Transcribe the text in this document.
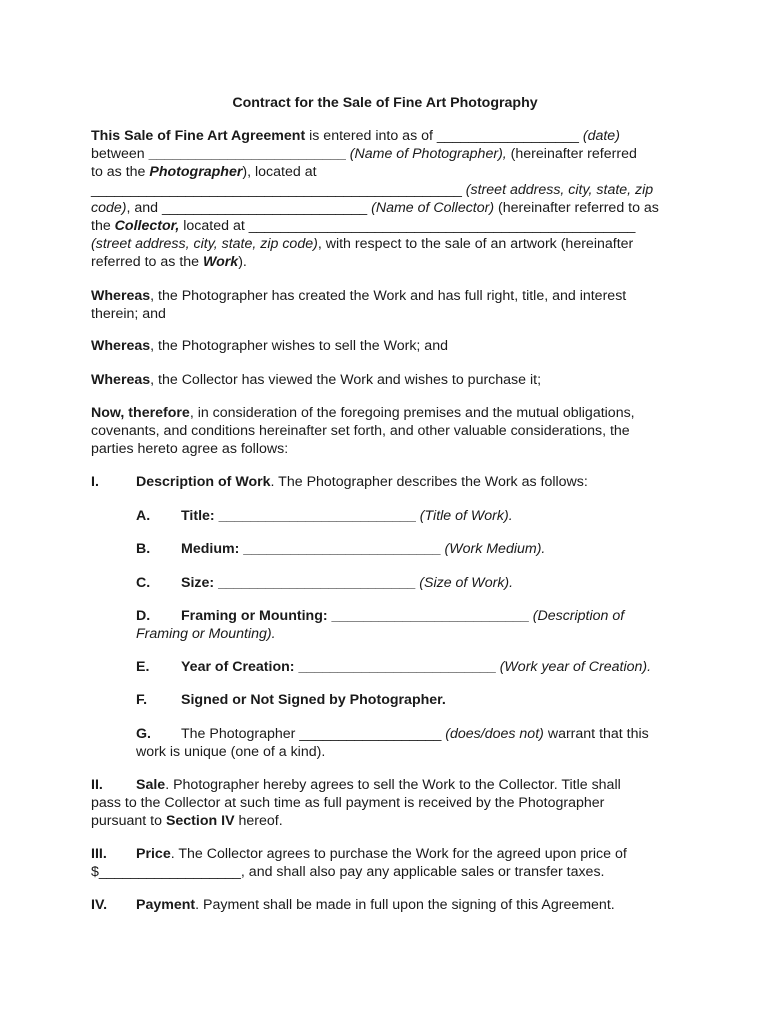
Contract for the Sale of Fine Art Photography
This Sale of Fine Art Agreement is entered into as of __________________ (date)
between _________________________ (Name of Photographer), (hereinafter referred
to as the Photographer), located at
_______________________________________________ (street address, city, state, zip
code), and __________________________ (Name of Collector) (hereinafter referred to as
the Collector, located at _________________________________________________
(street address, city, state, zip code), with respect to the sale of an artwork (hereinafter
referred to as the Work).
Whereas, the Photographer has created the Work and has full right, title, and interest
therein; and
Whereas, the Photographer wishes to sell the Work; and
Whereas, the Collector has viewed the Work and wishes to purchase it;
Now, therefore, in consideration of the foregoing premises and the mutual obligations,
covenants, and conditions hereinafter set forth, and other valuable considerations, the
parties hereto agree as follows:
I.	Description of Work. The Photographer describes the Work as follows:
A. Title: _________________________ (Title of Work).
B. Medium: _________________________ (Work Medium).
C. Size: _________________________ (Size of Work).
D. Framing or Mounting: _________________________ (Description of
Framing or Mounting).
E. Year of Creation: _________________________ (Work year of Creation).
F. Signed or Not Signed by Photographer.
G. The Photographer __________________ (does/does not) warrant that this
work is unique (one of a kind).
II. Sale. Photographer hereby agrees to sell the Work to the Collector. Title shall
pass to the Collector at such time as full payment is received by the Photographer
pursuant to Section IV hereof.
III. Price. The Collector agrees to purchase the Work for the agreed upon price of
$__________________, and shall also pay any applicable sales or transfer taxes.
IV. Payment. Payment shall be made in full upon the signing of this Agreement.
